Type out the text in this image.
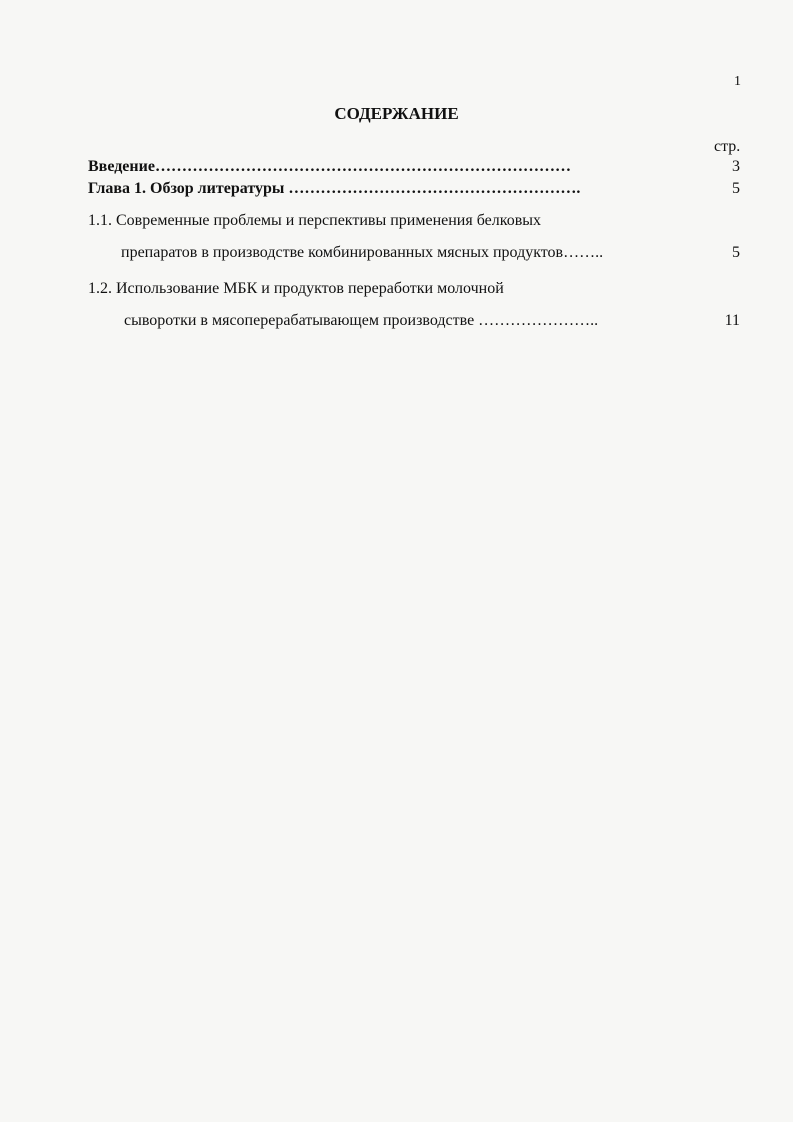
1
СОДЕРЖАНИЕ
стр.
Введение……………………………………………………………………	3
Глава 1. Обзор литературы ……………………………………………….	5
1.1. Современные проблемы и перспективы применения белковых
препаратов в производстве комбинированных мясных продуктов……..	5
1.2. Использование МБК и продуктов переработки молочной
сыворотки в мясоперерабатывающем производстве …………………..	11
